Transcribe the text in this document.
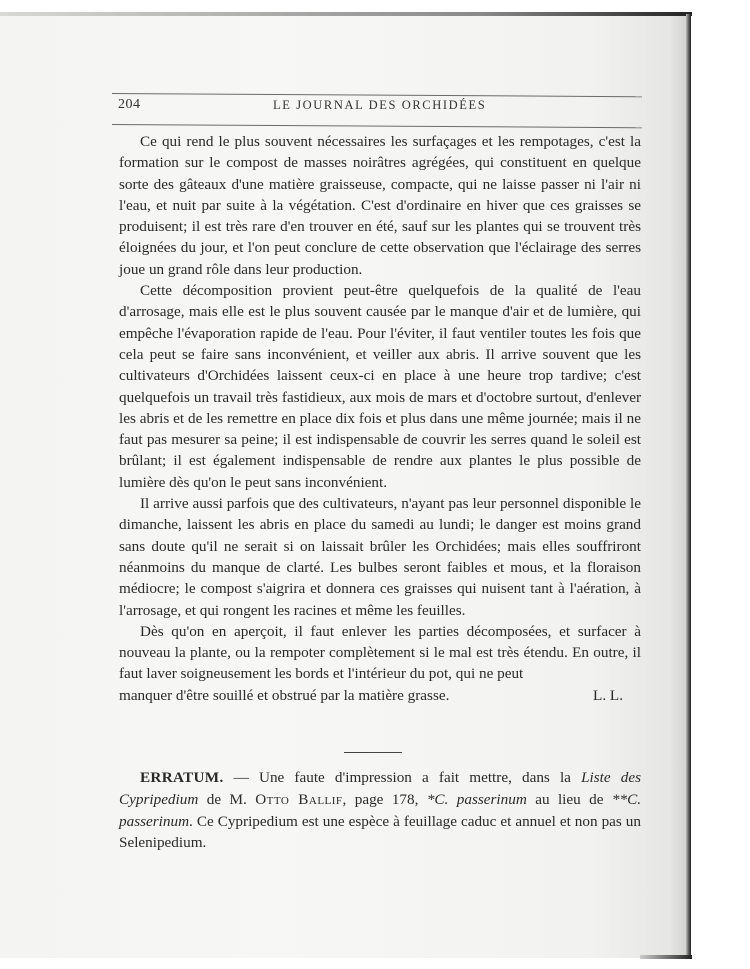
204	LE JOURNAL DES ORCHIDÉES

Ce qui rend le plus souvent nécessaires les surfaçages et les rempotages, c'est la formation sur le compost de masses noirâtres agrégées, qui constituent en quelque sorte des gâteaux d'une matière graisseuse, compacte, qui ne laisse passer ni l'air ni l'eau, et nuit par suite à la végétation. C'est d'ordinaire en hiver que ces graisses se produisent; il est très rare d'en trouver en été, sauf sur les plantes qui se trouvent très éloignées du jour, et l'on peut conclure de cette observation que l'éclairage des serres joue un grand rôle dans leur production.

Cette décomposition provient peut-être quelquefois de la qualité de l'eau d'arrosage, mais elle est le plus souvent causée par le manque d'air et de lumière, qui empêche l'évaporation rapide de l'eau. Pour l'éviter, il faut ventiler toutes les fois que cela peut se faire sans inconvénient, et veiller aux abris. Il arrive souvent que les cultivateurs d'Orchidées laissent ceux-ci en place à une heure trop tardive; c'est quelquefois un travail très fastidieux, aux mois de mars et d'octobre surtout, d'enlever les abris et de les remettre en place dix fois et plus dans une même journée; mais il ne faut pas mesurer sa peine; il est indispensable de couvrir les serres quand le soleil est brûlant; il est également indispensable de rendre aux plantes le plus possible de lumière dès qu'on le peut sans inconvénient.

Il arrive aussi parfois que des cultivateurs, n'ayant pas leur personnel disponible le dimanche, laissent les abris en place du samedi au lundi; le danger est moins grand sans doute qu'il ne serait si on laissait brûler les Orchidées; mais elles souffriront néanmoins du manque de clarté. Les bulbes seront faibles et mous, et la floraison médiocre; le compost s'aigrira et donnera ces graisses qui nuisent tant à l'aération, à l'arrosage, et qui rongent les racines et même les feuilles.

Dès qu'on en aperçoit, il faut enlever les parties décomposées, et surfacer à nouveau la plante, ou la rempoter complètement si le mal est très étendu. En outre, il faut laver soigneusement les bords et l'intérieur du pot, qui ne peut

manquer d'être souillé et obstrué par la matière grasse.	L. L.

ERRATUM. — Une faute d'impression a fait mettre, dans la Liste des Cypripedium de M. Otto Ballif, page 178, *C. passerinum au lieu de **C. passerinum. Ce Cypripedium est une espèce à feuillage caduc et annuel et non pas un Selenipedium.
